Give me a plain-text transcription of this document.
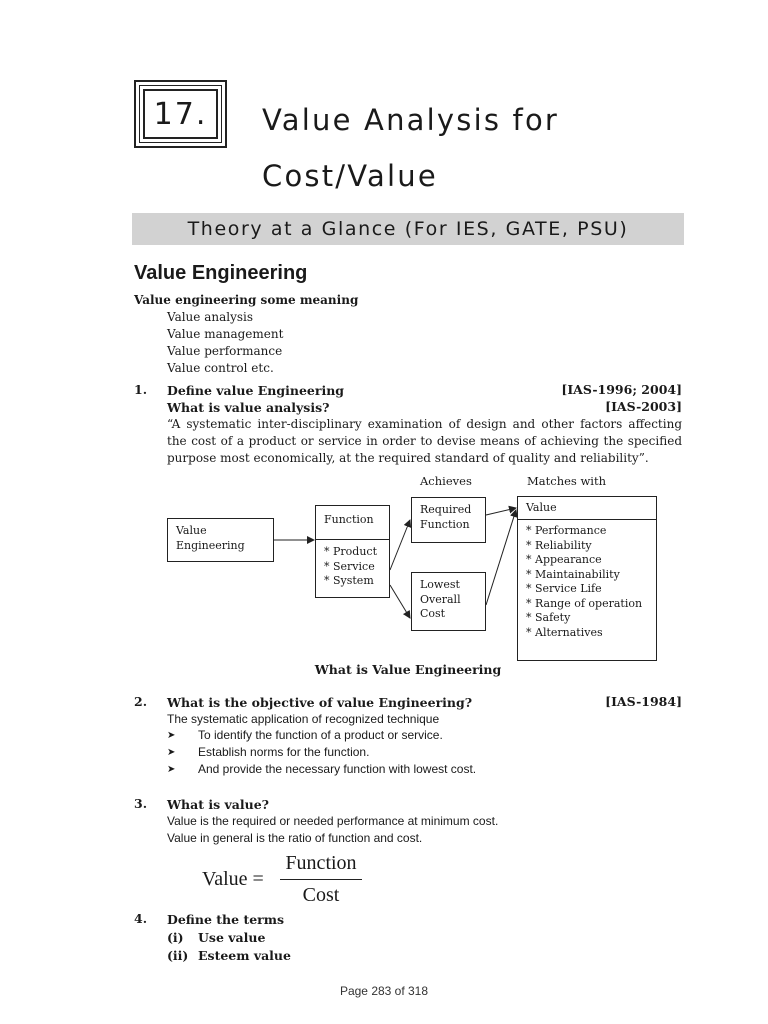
17.	Value Analysis for
Cost/Value
Theory at a Glance (For IES, GATE, PSU)
Value Engineering
Value engineering some meaning
Value analysis
Value management
Value performance
Value control etc.
1. Define value Engineering	[IAS-1996; 2004]
What is value analysis?	[IAS-2003]

“A systematic inter-disciplinary examination of design and other factors affecting the cost of a product or service in order to devise means of achieving the specified purpose most economically, at the required standard of quality and reliability”.

Achieves	Matches with
Value
Engineering
Function
* Product
* Service
* System
Required
Function
Lowest
Overall
Cost
Value
* Performance
* Reliability
* Appearance
* Maintainability
* Service Life
* Range of operation
* Safety
* Alternatives
What is Value Engineering
2. What is the objective of value Engineering?	[IAS-1984]
The systematic application of recognized technique
➤ To identify the function of a product or service.
➤ Establish norms for the function.
➤ And provide the necessary function with lowest cost.
3. What is value?
Value is the required or needed performance at minimum cost.
Value in general is the ratio of function and cost.
Value =
Function
Cost
4. Define the terms
(i) Use value
(ii) Esteem value
Page 283 of 318
